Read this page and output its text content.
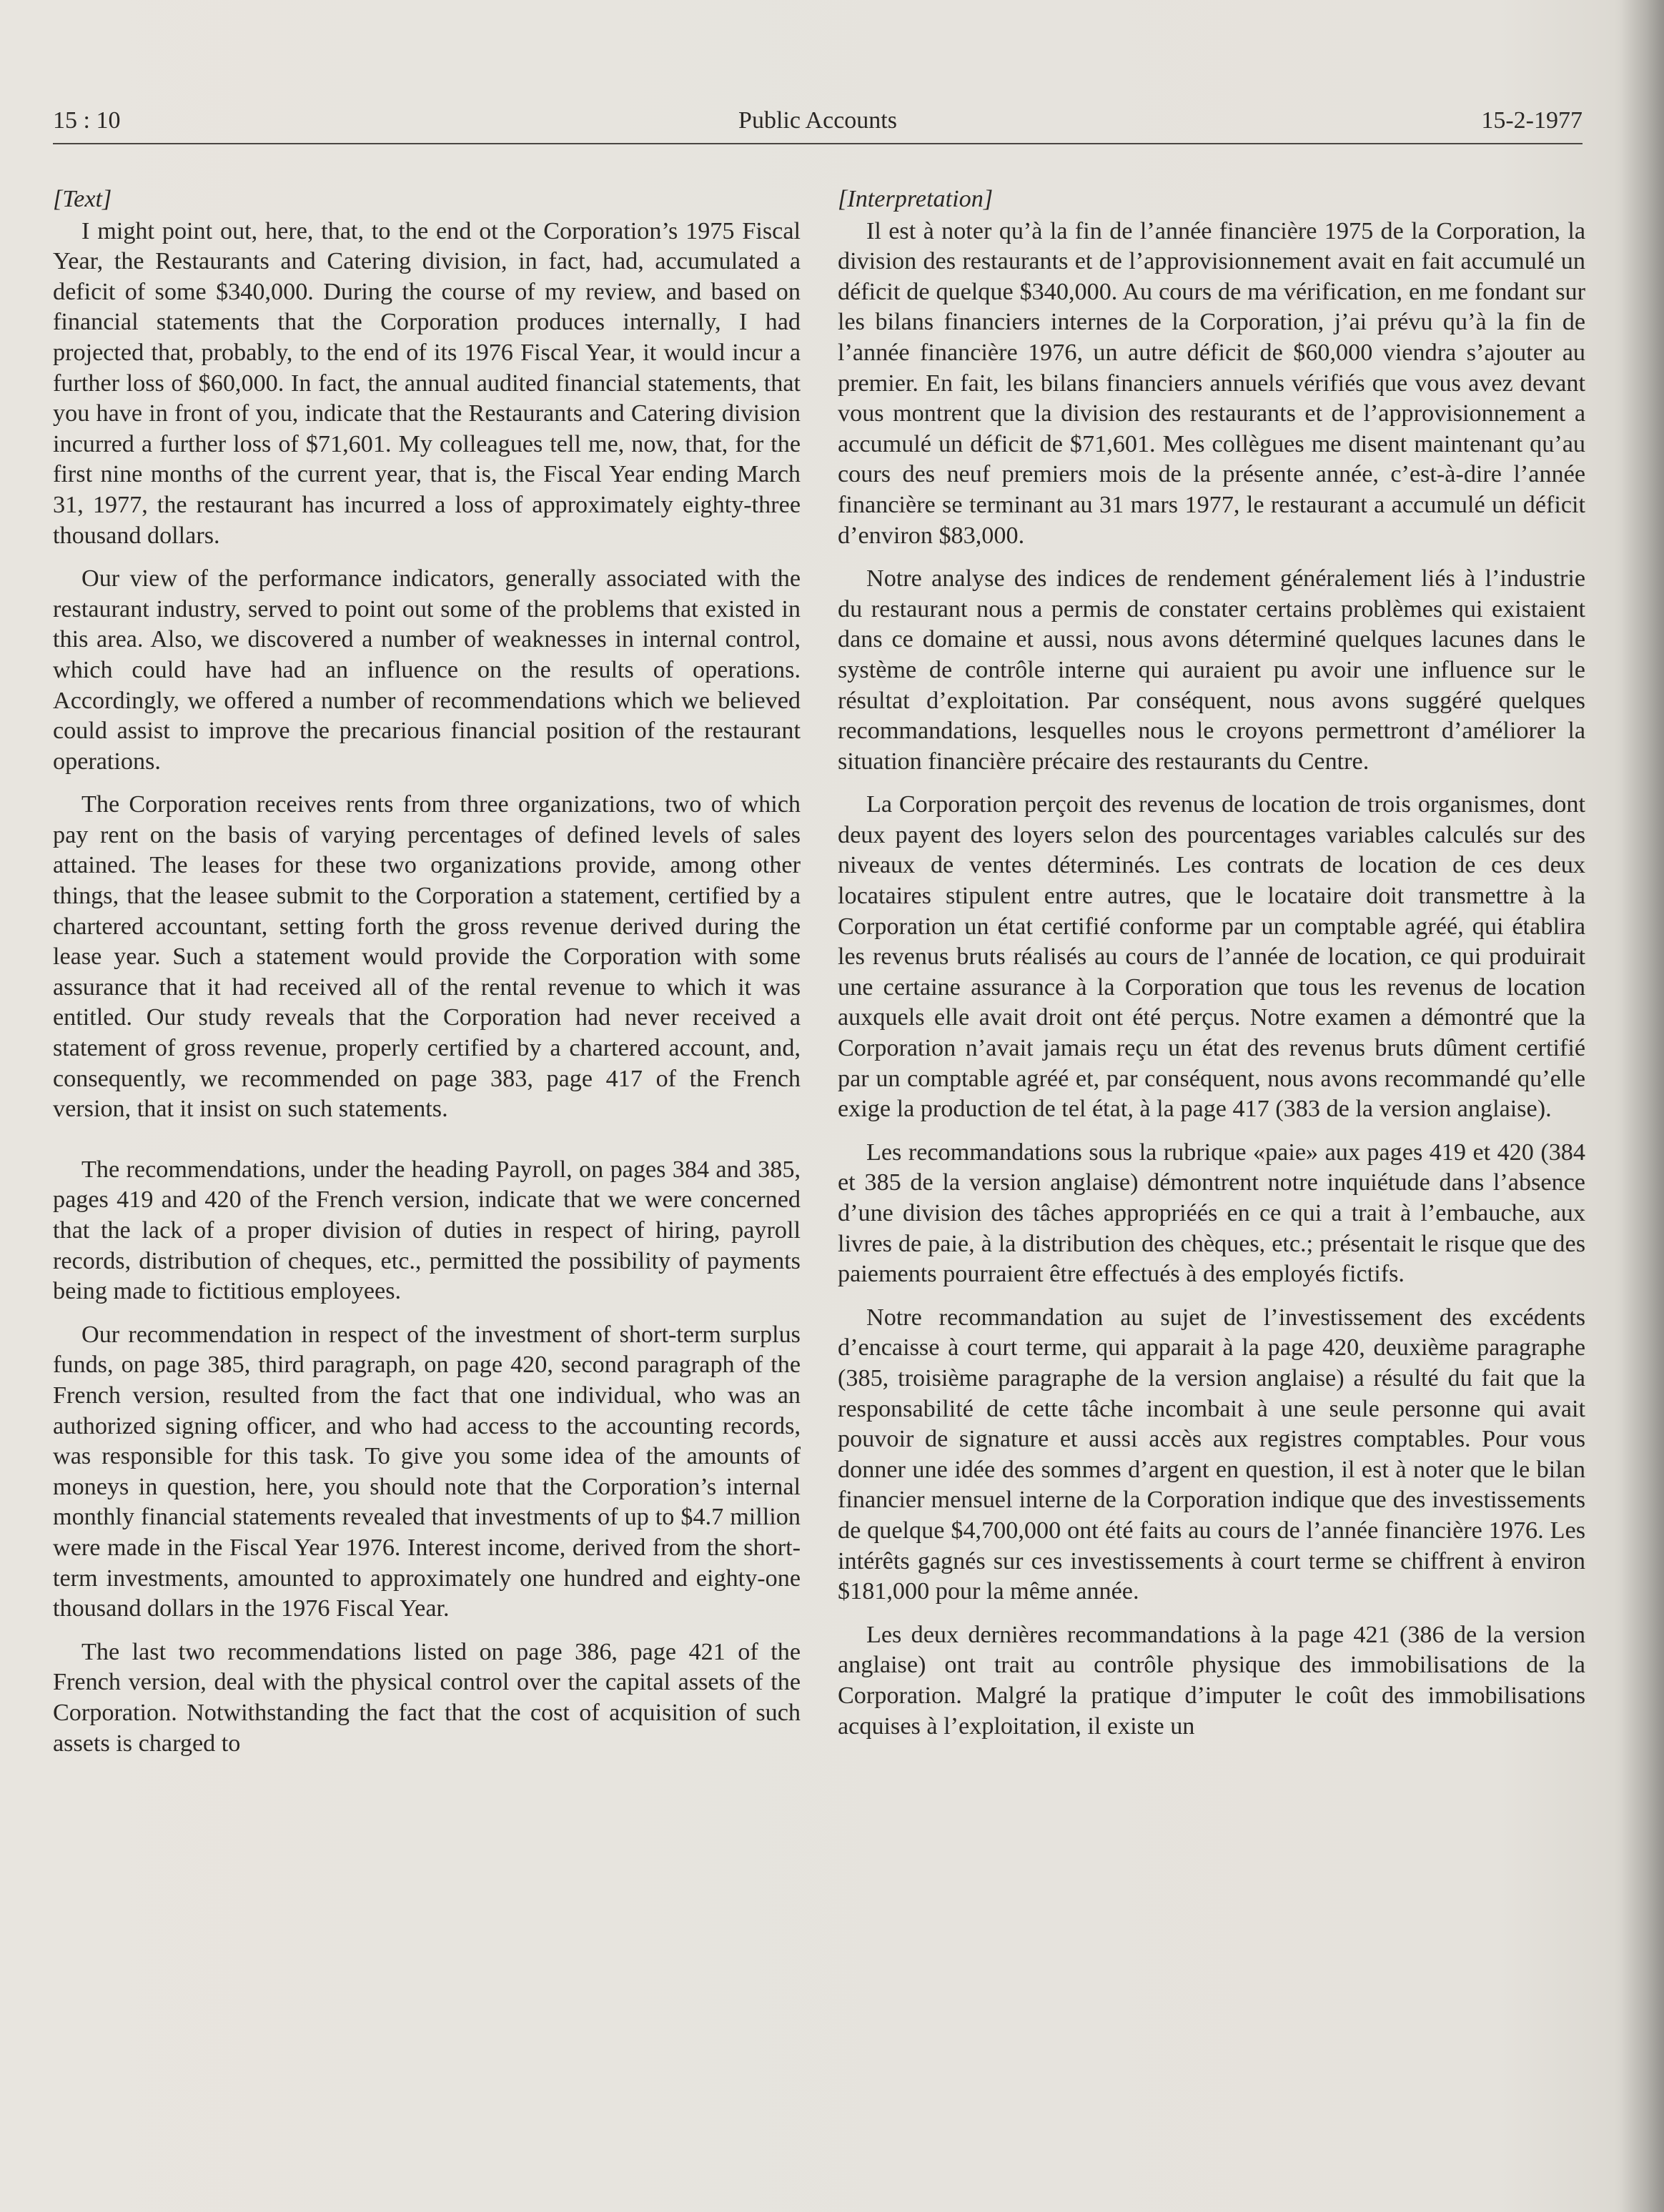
15 : 10	Public Accounts	15-2-1977
[Text]

I might point out, here, that, to the end ot the Corporation’s 1975 Fiscal Year, the Restaurants and Catering division, in fact, had, accumulated a deficit of some $340,000. During the course of my review, and based on financial statements that the Corporation produces internally, I had projected that, probably, to the end of its 1976 Fiscal Year, it would incur a further loss of $60,000. In fact, the annual audited financial statements, that you have in front of you, indicate that the Restaurants and Catering division incurred a further loss of $71,601. My colleagues tell me, now, that, for the first nine months of the current year, that is, the Fiscal Year ending March 31, 1977, the restaurant has incurred a loss of approximately eighty-three thousand dollars.

Our view of the performance indicators, generally associated with the restaurant industry, served to point out some of the problems that existed in this area. Also, we discovered a number of weaknesses in internal control, which could have had an influence on the results of operations. Accordingly, we offered a number of recommendations which we believed could assist to improve the precarious financial position of the restaurant operations.

The Corporation receives rents from three organizations, two of which pay rent on the basis of varying percentages of defined levels of sales attained. The leases for these two organizations provide, among other things, that the leasee submit to the Corporation a statement, certified by a chartered accountant, setting forth the gross revenue derived during the lease year. Such a statement would provide the Corporation with some assurance that it had received all of the rental revenue to which it was entitled. Our study reveals that the Corporation had never received a statement of gross revenue, properly certified by a chartered account, and, consequently, we recommended on page 383, page 417 of the French version, that it insist on such statements.

The recommendations, under the heading Payroll, on pages 384 and 385, pages 419 and 420 of the French version, indicate that we were concerned that the lack of a proper division of duties in respect of hiring, payroll records, distribution of cheques, etc., permitted the possibility of payments being made to fictitious employees.

Our recommendation in respect of the investment of short-term surplus funds, on page 385, third paragraph, on page 420, second paragraph of the French version, resulted from the fact that one individual, who was an authorized signing officer, and who had access to the accounting records, was responsible for this task. To give you some idea of the amounts of moneys in question, here, you should note that the Corporation’s internal monthly financial statements revealed that investments of up to $4.7 million were made in the Fiscal Year 1976. Interest income, derived from the short-term investments, amounted to approximately one hundred and eighty-one thousand dollars in the 1976 Fiscal Year.

The last two recommendations listed on page 386, page 421 of the French version, deal with the physical control over the capital assets of the Corporation. Notwithstanding the fact that the cost of acquisition of such assets is charged to

[Interpretation]

Il est à noter qu’à la fin de l’année financière 1975 de la Corporation, la division des restaurants et de l’approvisionnement avait en fait accumulé un déficit de quelque $340,000. Au cours de ma vérification, en me fondant sur les bilans financiers internes de la Corporation, j’ai prévu qu’à la fin de l’année financière 1976, un autre déficit de $60,000 viendra s’ajouter au premier. En fait, les bilans financiers annuels vérifiés que vous avez devant vous montrent que la division des restaurants et de l’approvisionnement a accumulé un déficit de $71,601. Mes collègues me disent maintenant qu’au cours des neuf premiers mois de la présente année, c’est-à-dire l’année financière se terminant au 31 mars 1977, le restaurant a accumulé un déficit d’environ $83,000.

Notre analyse des indices de rendement généralement liés à l’industrie du restaurant nous a permis de constater certains problèmes qui existaient dans ce domaine et aussi, nous avons déterminé quelques lacunes dans le système de contrôle interne qui auraient pu avoir une influence sur le résultat d’exploitation. Par conséquent, nous avons suggéré quelques recommandations, lesquelles nous le croyons permettront d’améliorer la situation financière précaire des restaurants du Centre.

La Corporation perçoit des revenus de location de trois organismes, dont deux payent des loyers selon des pourcentages variables calculés sur des niveaux de ventes déterminés. Les contrats de location de ces deux locataires stipulent entre autres, que le locataire doit transmettre à la Corporation un état certifié conforme par un comptable agréé, qui établira les revenus bruts réalisés au cours de l’année de location, ce qui produirait une certaine assurance à la Corporation que tous les revenus de location auxquels elle avait droit ont été perçus. Notre examen a démontré que la Corporation n’avait jamais reçu un état des revenus bruts dûment certifié par un comptable agréé et, par conséquent, nous avons recommandé qu’elle exige la production de tel état, à la page 417 (383 de la version anglaise).

Les recommandations sous la rubrique «paie» aux pages 419 et 420 (384 et 385 de la version anglaise) démontrent notre inquiétude dans l’absence d’une division des tâches appropriéés en ce qui a trait à l’embauche, aux livres de paie, à la distribution des chèques, etc.; présentait le risque que des paiements pourraient être effectués à des employés fictifs.

Notre recommandation au sujet de l’investissement des excédents d’encaisse à court terme, qui apparait à la page 420, deuxième paragraphe (385, troisième paragraphe de la version anglaise) a résulté du fait que la responsabilité de cette tâche incombait à une seule personne qui avait pouvoir de signature et aussi accès aux registres comptables. Pour vous donner une idée des sommes d’argent en question, il est à noter que le bilan financier mensuel interne de la Corporation indique que des investissements de quelque $4,700,000 ont été faits au cours de l’année financière 1976. Les intérêts gagnés sur ces investissements à court terme se chiffrent à environ $181,000 pour la même année.

Les deux dernières recommandations à la page 421 (386 de la version anglaise) ont trait au contrôle physique des immobilisations de la Corporation. Malgré la pratique d’imputer le coût des immobilisations acquises à l’exploitation, il existe un
